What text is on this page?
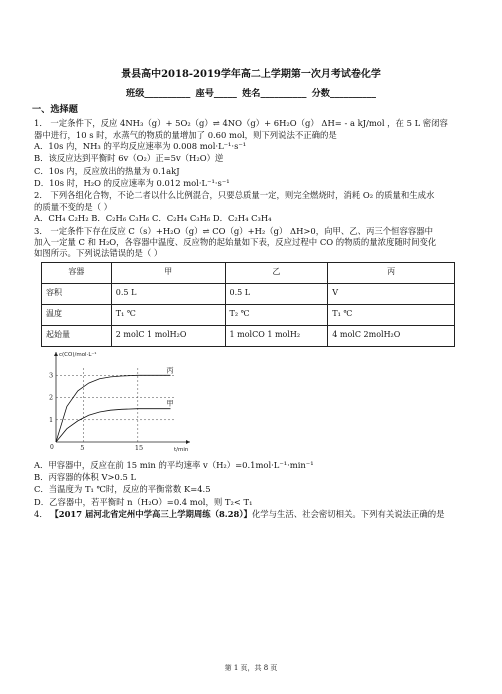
景县高中2018-2019学年高二上学期第一次月考试卷化学
班级__________ 座号_____ 姓名__________ 分数__________
一、选择题
1． 一定条件下，反应 4NH₃（g）+ 5O₂（g）⇌ 4NO（g）+ 6H₂O（g） ΔH= - a kJ/mol ，在 5 L 密闭容
器中进行，10 s 时，水蒸气的物质的量增加了 0.60 mol，则下列说法不正确的是
A．10s 内，NH₃ 的平均反应速率为 0.008 mol·L⁻¹·s⁻¹
B．该反应达到平衡时 6v（O₂）正=5v（H₂O）逆
C．10s 内，反应放出的热量为 0.1akJ
D．10s 时，H₂O 的反应速率为 0.012 mol·L⁻¹·s⁻¹
2． 下列各组化合物，不论二者以什么比例混合，只要总质量一定，则完全燃烧时，消耗 O₂ 的质量和生成水
的质量不变的是（ ）
A．CH₄ C₂H₂ B．C₂H₆ C₃H₆ C．C₂H₄ C₃H₆ D．C₂H₄ C₃H₄
3． 一定条件下存在反应 C（s）+H₂O（g）⇌ CO（g）+H₂（g） ΔH>0，向甲、乙、丙三个恒容容器中
加入一定量 C 和 H₂O，各容器中温度、反应物的起始量如下表，反应过程中 CO 的物质的量浓度随时间变化
如图所示。下列说法错误的是（ ）
容器	甲	乙	丙
容积	0.5 L	0.5 L	V
温度	T₁ ℃	T₂ ℃	T₁ ℃
起始量	2 molC 1 molH₂O	1 molCO 1 molH₂	4 molC 2molH₂O
c(CO)/mol·L⁻¹
t/min
0
1
2
3
5	15
丙
甲
A．甲容器中，反应在前 15 min 的平均速率 v（H₂）=0.1mol·L⁻¹·min⁻¹
B．丙容器的体积 V>0.5 L
C．当温度为 T₁ ℃时，反应的平衡常数 K=4.5
D．乙容器中，若平衡时 n（H₂O）=0.4 mol，则 T₂< T₁
4． 【2017 届河北省定州中学高三上学期周练（8.28）】化学与生活、社会密切相关。下列有关说法正确的是
第 1 页，共 8 页
